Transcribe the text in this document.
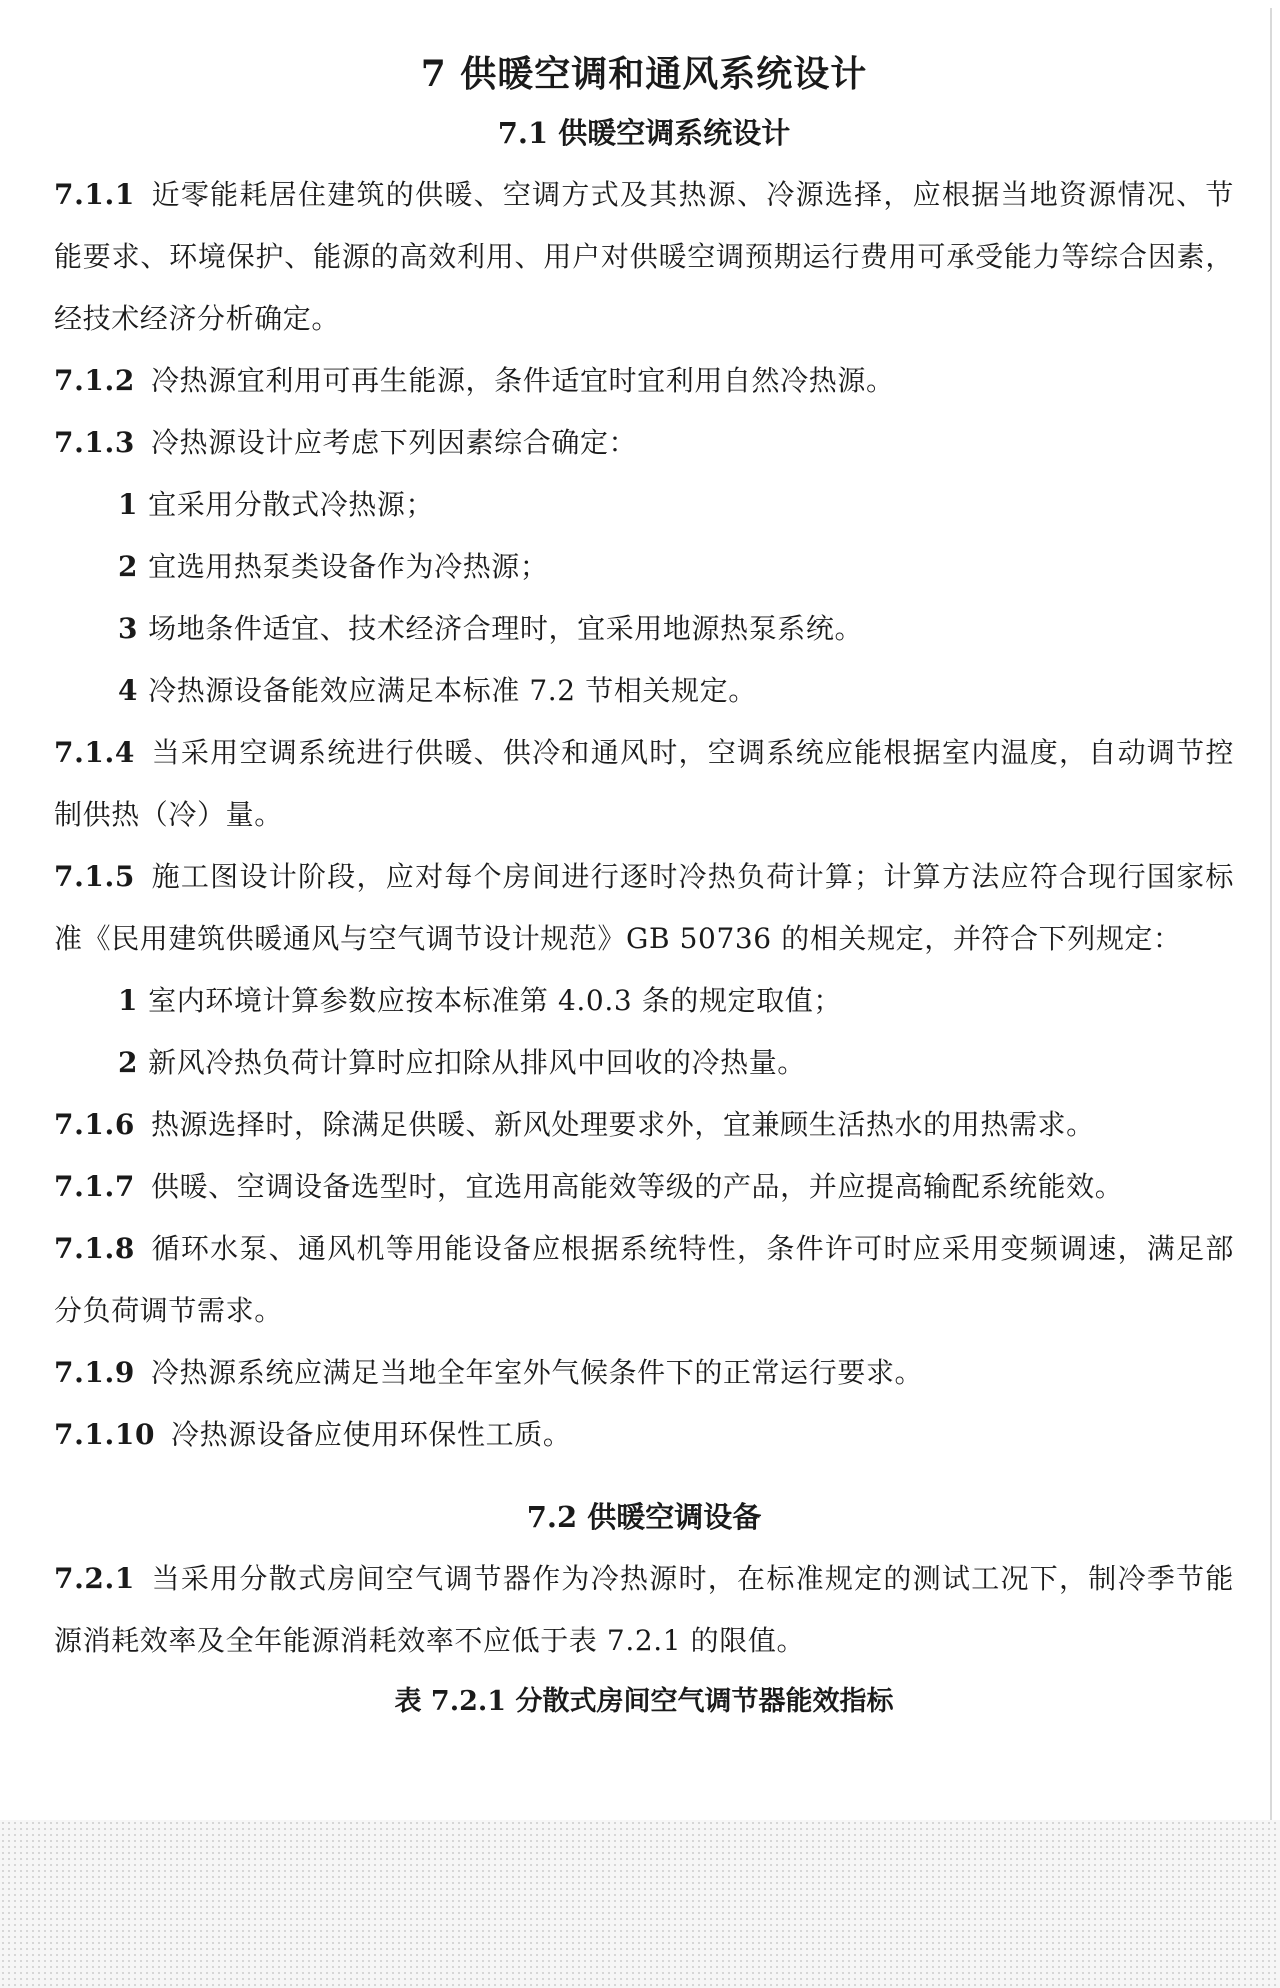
7 供暖空调和通风系统设计
7.1 供暖空调系统设计

7.1.1 近零能耗居住建筑的供暖、空调方式及其热源、冷源选择，应根据当地资源情况、节能要求、环境保护、能源的高效利用、用户对供暖空调预期运行费用可承受能力等综合因素，经技术经济分析确定。

7.1.2 冷热源宜利用可再生能源，条件适宜时宜利用自然冷热源。

7.1.3 冷热源设计应考虑下列因素综合确定：

1 宜采用分散式冷热源；

2 宜选用热泵类设备作为冷热源；

3 场地条件适宜、技术经济合理时，宜采用地源热泵系统。

4 冷热源设备能效应满足本标准 7.2 节相关规定。

7.1.4 当采用空调系统进行供暖、供冷和通风时，空调系统应能根据室内温度，自动调节控制供热（冷）量。

7.1.5 施工图设计阶段，应对每个房间进行逐时冷热负荷计算；计算方法应符合现行国家标准《民用建筑供暖通风与空气调节设计规范》GB 50736 的相关规定，并符合下列规定：

1 室内环境计算参数应按本标准第 4.0.3 条的规定取值；

2 新风冷热负荷计算时应扣除从排风中回收的冷热量。

7.1.6 热源选择时，除满足供暖、新风处理要求外，宜兼顾生活热水的用热需求。

7.1.7 供暖、空调设备选型时，宜选用高能效等级的产品，并应提高输配系统能效。

7.1.8 循环水泵、通风机等用能设备应根据系统特性，条件许可时应采用变频调速，满足部分负荷调节需求。

7.1.9 冷热源系统应满足当地全年室外气候条件下的正常运行要求。

7.1.10 冷热源设备应使用环保性工质。

7.2 供暖空调设备

7.2.1 当采用分散式房间空气调节器作为冷热源时，在标准规定的测试工况下，制冷季节能源消耗效率及全年能源消耗效率不应低于表 7.2.1 的限值。

表 7.2.1 分散式房间空气调节器能效指标
